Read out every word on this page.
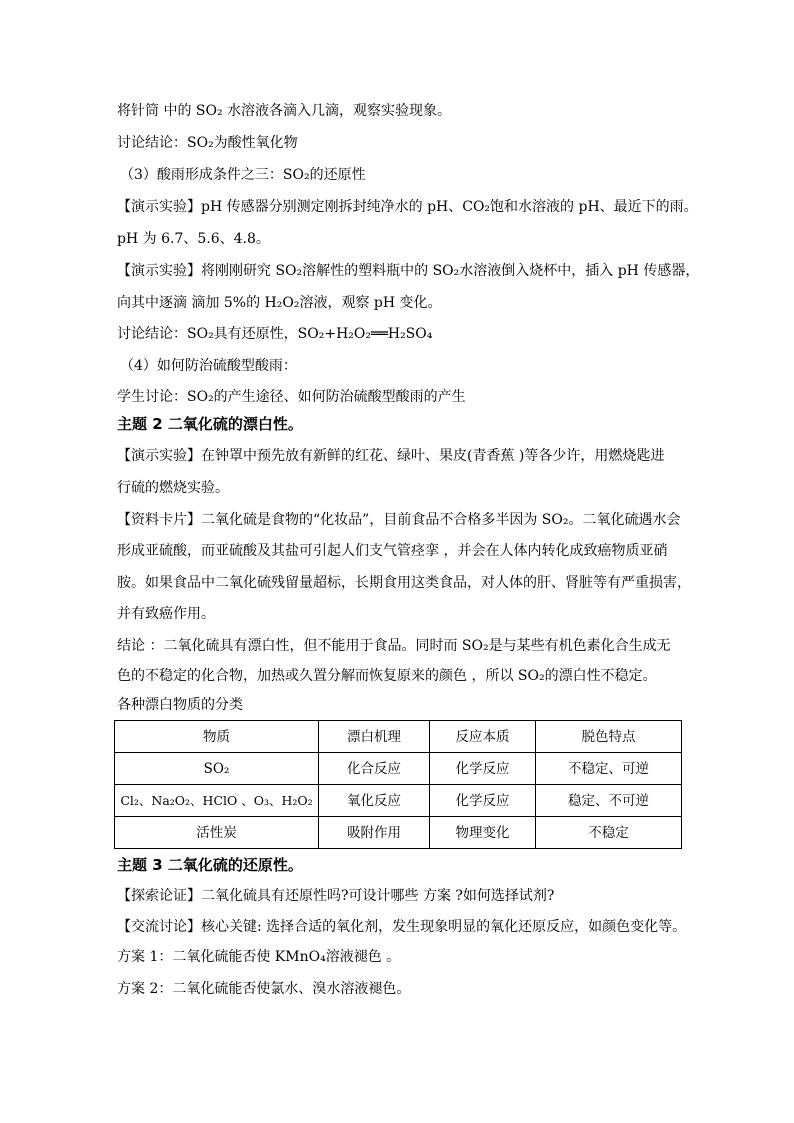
将针筒 中的 SO₂ 水溶液各滴入几滴，观察实验现象。
讨论结论：SO₂为酸性氧化物
（3）酸雨形成条件之三：SO₂的还原性
【演示实验】pH 传感器分别测定刚拆封纯净水的 pH、CO₂饱和水溶液的 pH、最近下的雨。
pH 为 6.7、5.6、4.8。
【演示实验】将刚刚研究 SO₂溶解性的塑料瓶中的 SO₂水溶液倒入烧杯中，插入 pH 传感器，
向其中逐滴 滴加 5%的 H₂O₂溶液，观察 pH 变化。
讨论结论：SO₂具有还原性，SO₂+H₂O₂══H₂SO₄
（4）如何防治硫酸型酸雨：
学生讨论：SO₂的产生途径、如何防治硫酸型酸雨的产生
主题 2 二氧化硫的漂白性。
【演示实验】在钟罩中预先放有新鲜的红花、绿叶、果皮(青香蕉 )等各少许，用燃烧匙进
行硫的燃烧实验。
【资料卡片】二氧化硫是食物的“化妆品”，目前食品不合格多半因为 SO₂。二氧化硫遇水会
形成亚硫酸，而亚硫酸及其盐可引起人们支气管痉挛 ，并会在人体内转化成致癌物质亚硝
胺。如果食品中二氧化硫残留量超标，长期食用这类食品，对人体的肝、肾脏等有严重损害，
并有致癌作用。
结论 ：二氧化硫具有漂白性，但不能用于食品。同时而 SO₂是与某些有机色素化合生成无
色的不稳定的化合物，加热或久置分解而恢复原来的颜色 ，所以 SO₂的漂白性不稳定。
各种漂白物质的分类
物质	漂白机理	反应本质	脱色特点
SO₂	化合反应	化学反应	不稳定、可逆
Cl₂、Na₂O₂、HClO 、O₃、H₂O₂	氧化反应	化学反应	稳定、不可逆
活性炭	吸附作用	物理变化	不稳定
主题 3 二氧化硫的还原性。
【探索论证】二氧化硫具有还原性吗?可设计哪些 方案 ?如何选择试剂?
【交流讨论】核心关键: 选择合适的氧化剂，发生现象明显的氧化还原反应，如颜色变化等。
方案 1：二氧化硫能否使 KMnO₄溶液褪色 。
方案 2：二氧化硫能否使氯水、溴水溶液褪色。
